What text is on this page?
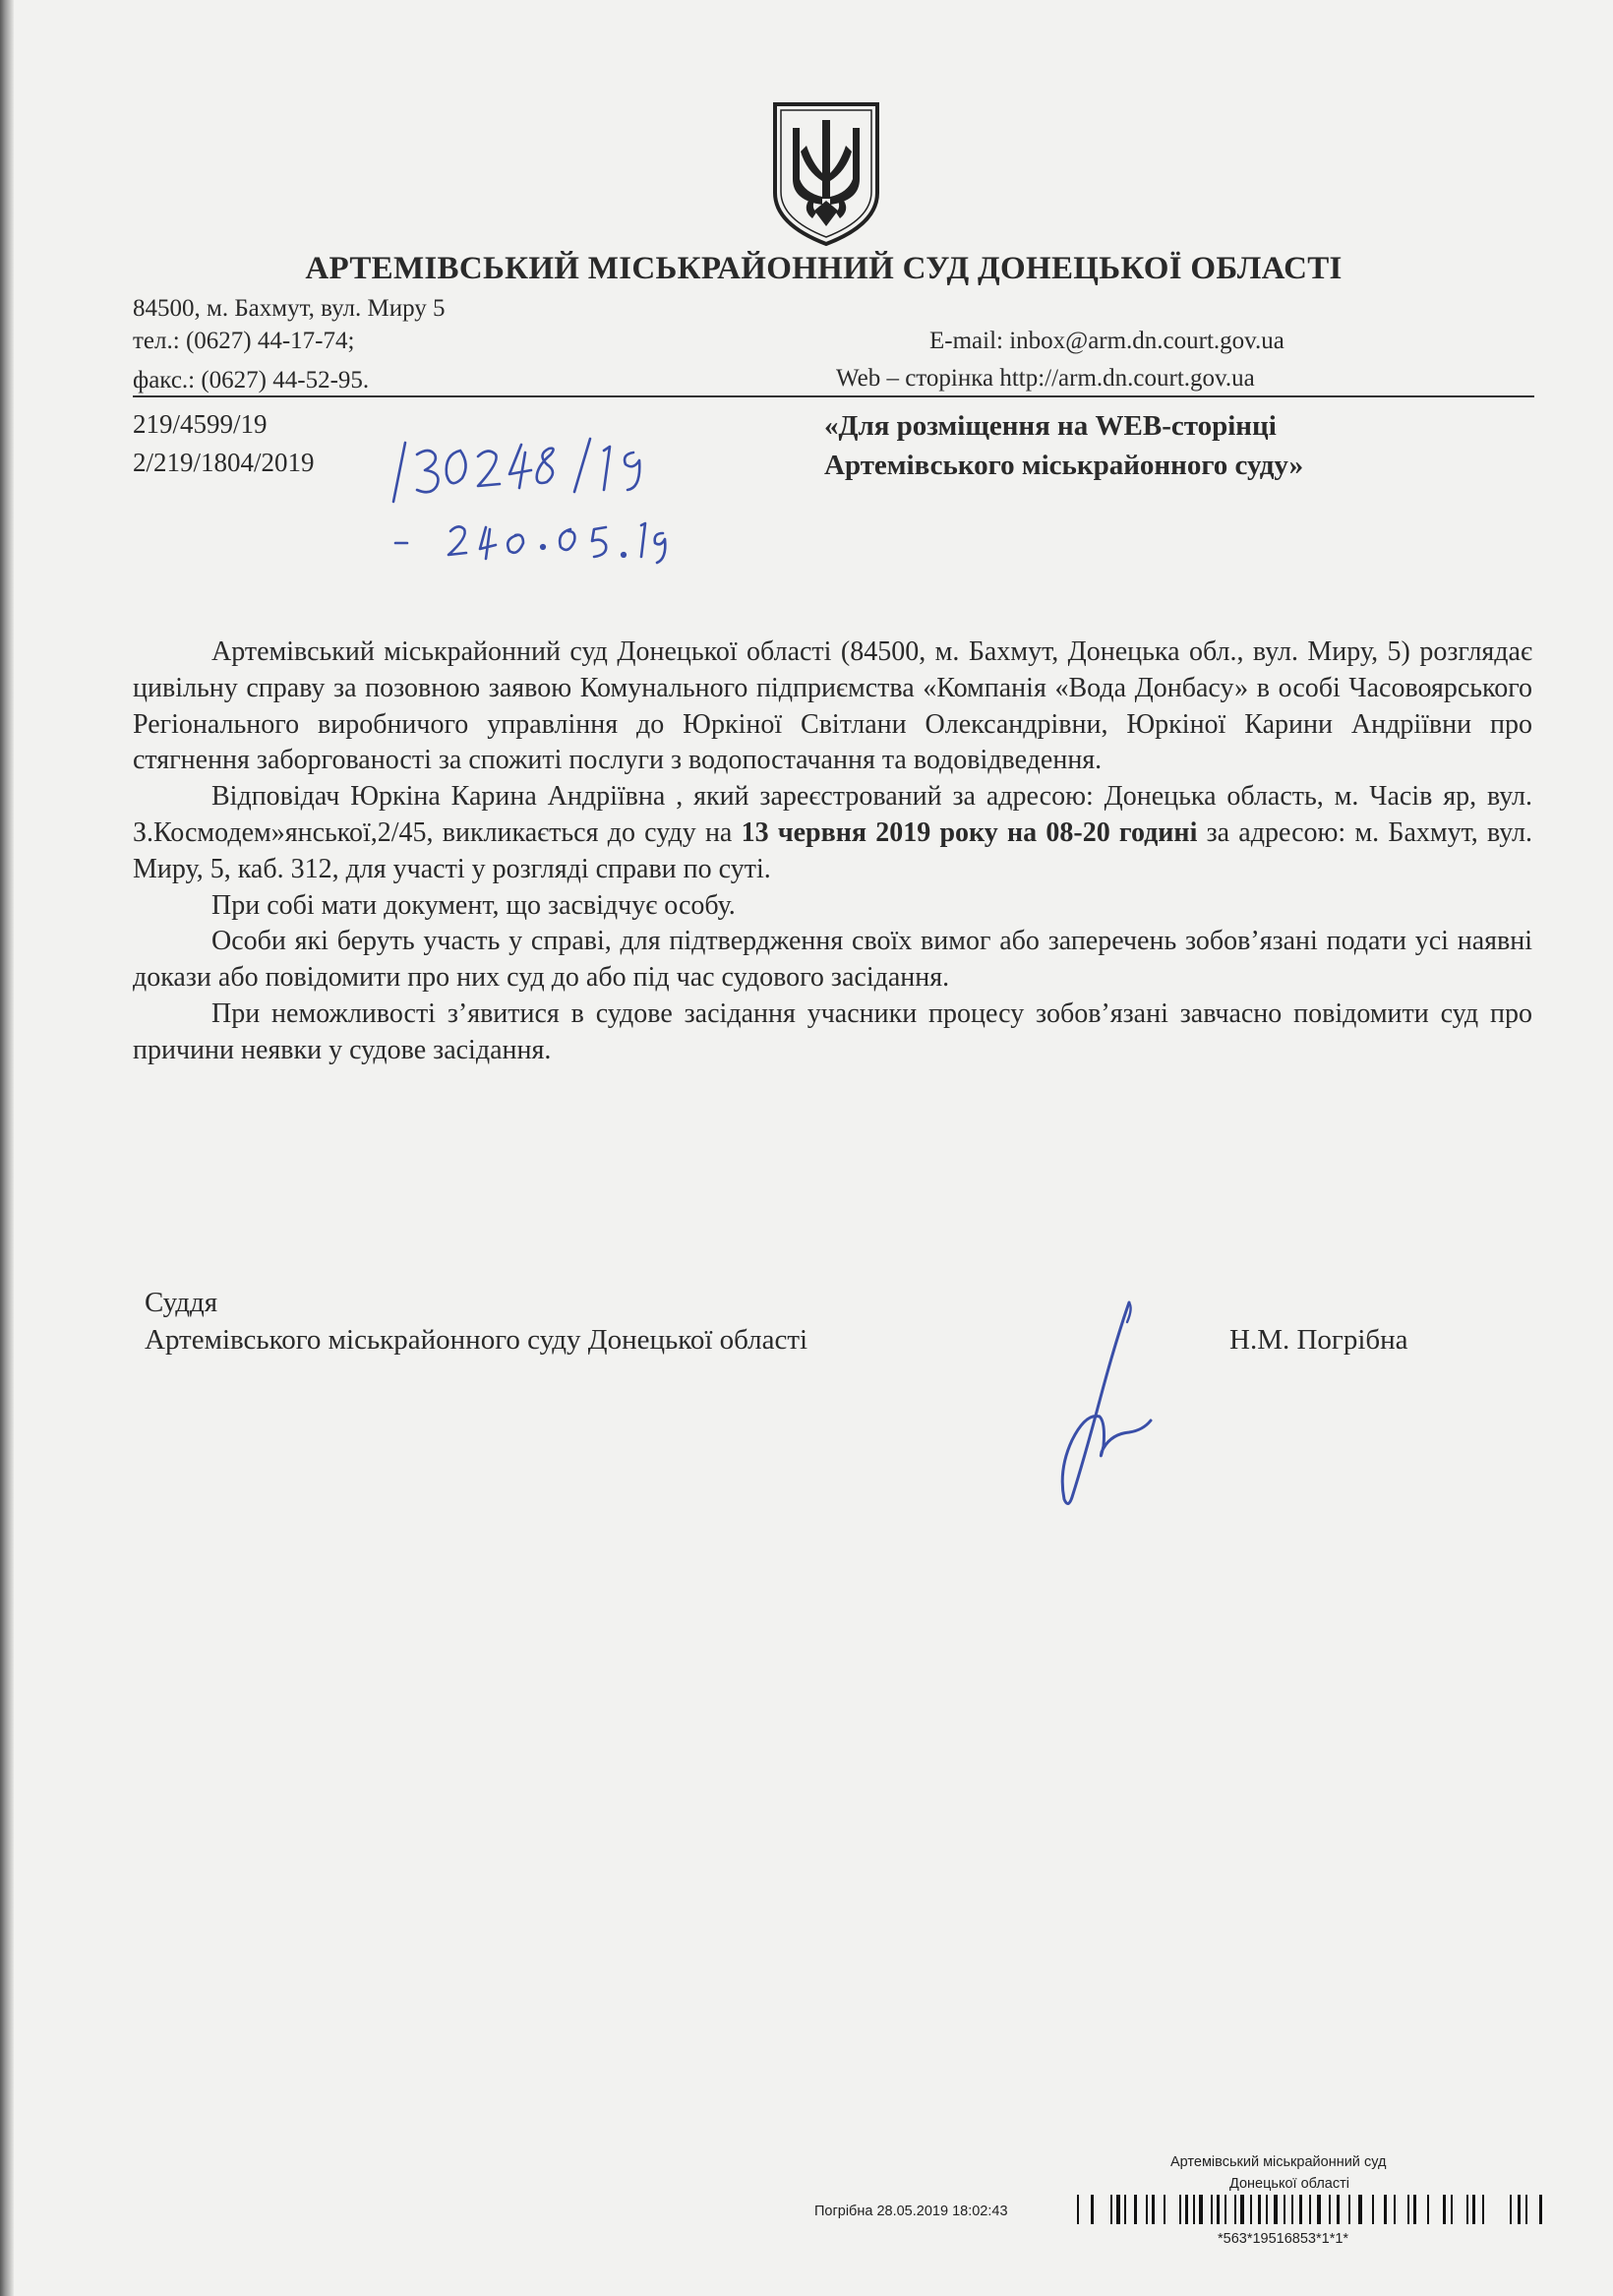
АРТЕМІВСЬКИЙ МІСЬКРАЙОННИЙ СУД ДОНЕЦЬКОЇ ОБЛАСТІ
84500, м. Бахмут, вул. Миру 5
тел.: (0627) 44-17-74;	E-mail: inbox@arm.dn.court.gov.ua
факс.: (0627) 44-52-95.	Web – сторінка http://arm.dn.court.gov.ua
219/4599/19
2/219/1804/2019
«Для розміщення на WEB-сторінці
Артемівського міськрайонного суду»

Артемівський міськрайонний суд Донецької області (84500, м. Бахмут, Донецька обл., вул. Миру, 5) розглядає цивільну справу за позовною заявою Комунального підприємства «Компанія «Вода Донбасу» в особі Часовоярського Регіонального виробничого управління до Юркіної Світлани Олександрівни, Юркіної Карини Андріївни про стягнення заборгованості за спожиті послуги з водопостачання та водовідведення.

Відповідач Юркіна Карина Андріївна , який зареєстрований за адресою: Донецька область, м. Часів яр, вул. З.Космодем»янської,2/45, викликається до суду на 13 червня 2019 року на 08-20 годині за адресою: м. Бахмут, вул. Миру, 5, каб. 312, для участі у розгляді справи по суті.

При собі мати документ, що засвідчує особу.

Особи які беруть участь у справі, для підтвердження своїх вимог або заперечень зобов’язані подати усі наявні докази або повідомити про них суд до або під час судового засідання.

При неможливості з’явитися в судове засідання учасники процесу зобов’язані завчасно повідомити суд про причини неявки у судове засідання.

Суддя
Артемівського міськрайонного суду Донецької області	Н.М. Погрібна
Артемівський міськрайонний суд
Донецької області
Погрібна 28.05.2019 18:02:43
*563*19516853*1*1*
